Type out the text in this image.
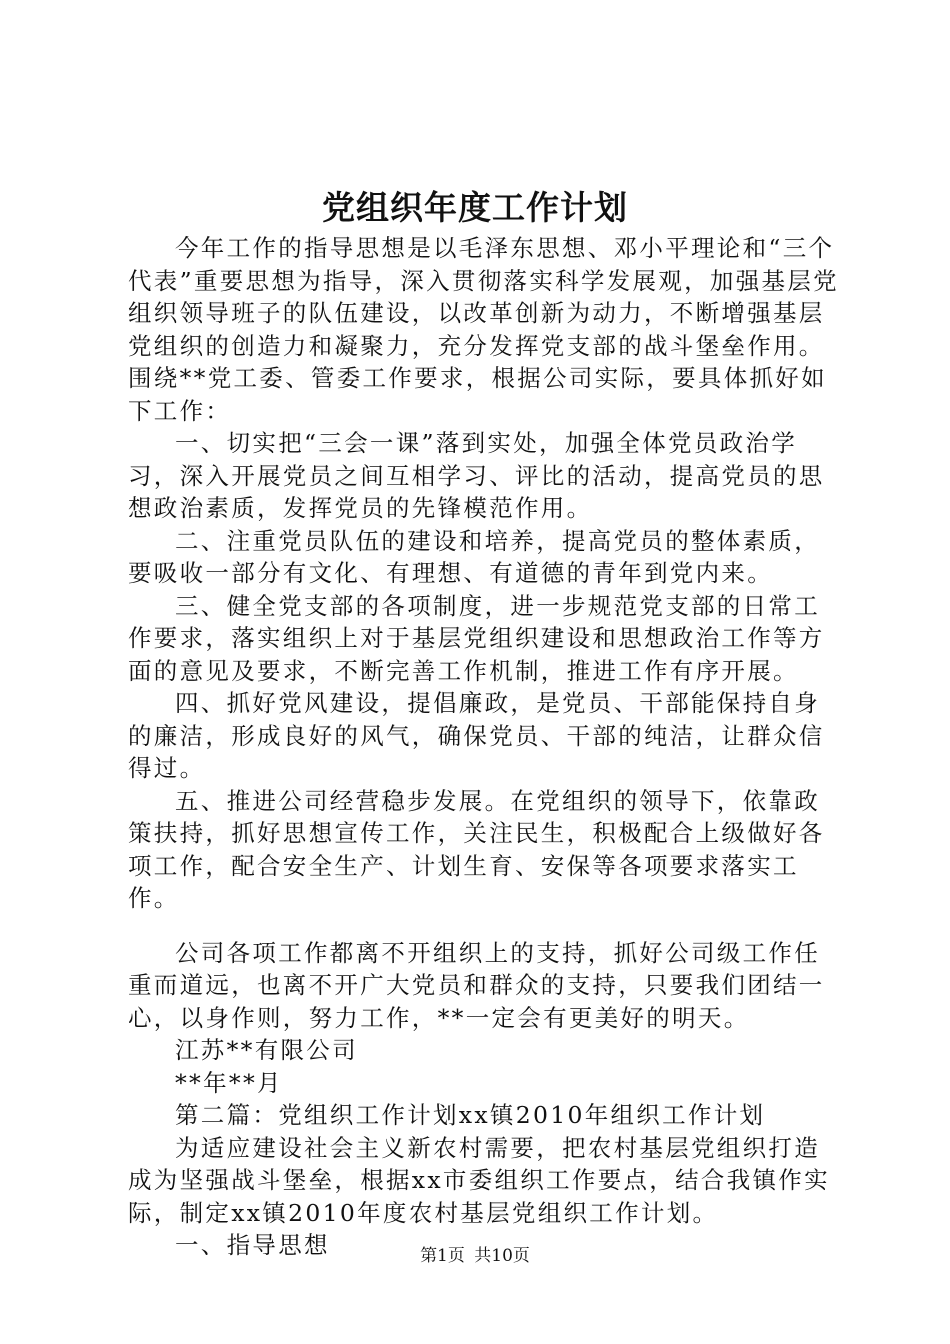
党组织年度工作计划

今年工作的指导思想是以毛泽东思想、邓小平理论和“三个代表”重要思想为指导，深入贯彻落实科学发展观，加强基层党组织领导班子的队伍建设，以改革创新为动力，不断增强基层党组织的创造力和凝聚力，充分发挥党支部的战斗堡垒作用。围绕**党工委、管委工作要求，根据公司实际，要具体抓好如下工作：

一、切实把“三会一课”落到实处，加强全体党员政治学习，深入开展党员之间互相学习、评比的活动，提高党员的思想政治素质，发挥党员的先锋模范作用。

二、注重党员队伍的建设和培养，提高党员的整体素质，要吸收一部分有文化、有理想、有道德的青年到党内来。

三、健全党支部的各项制度，进一步规范党支部的日常工作要求，落实组织上对于基层党组织建设和思想政治工作等方面的意见及要求，不断完善工作机制，推进工作有序开展。

四、抓好党风建设，提倡廉政，是党员、干部能保持自身的廉洁，形成良好的风气，确保党员、干部的纯洁，让群众信得过。

五、推进公司经营稳步发展。在党组织的领导下，依靠政策扶持，抓好思想宣传工作，关注民生，积极配合上级做好各项工作，配合安全生产、计划生育、安保等各项要求落实工作。

公司各项工作都离不开组织上的支持，抓好公司级工作任重而道远，也离不开广大党员和群众的支持，只要我们团结一心，以身作则，努力工作，**一定会有更美好的明天。

江苏**有限公司

**年**月

第二篇：党组织工作计划xx镇2010年组织工作计划

为适应建设社会主义新农村需要，把农村基层党组织打造成为坚强战斗堡垒，根据xx市委组织工作要点，结合我镇作实际，制定xx镇2010年度农村基层党组织工作计划。

一、指导思想	第1页 共10页
